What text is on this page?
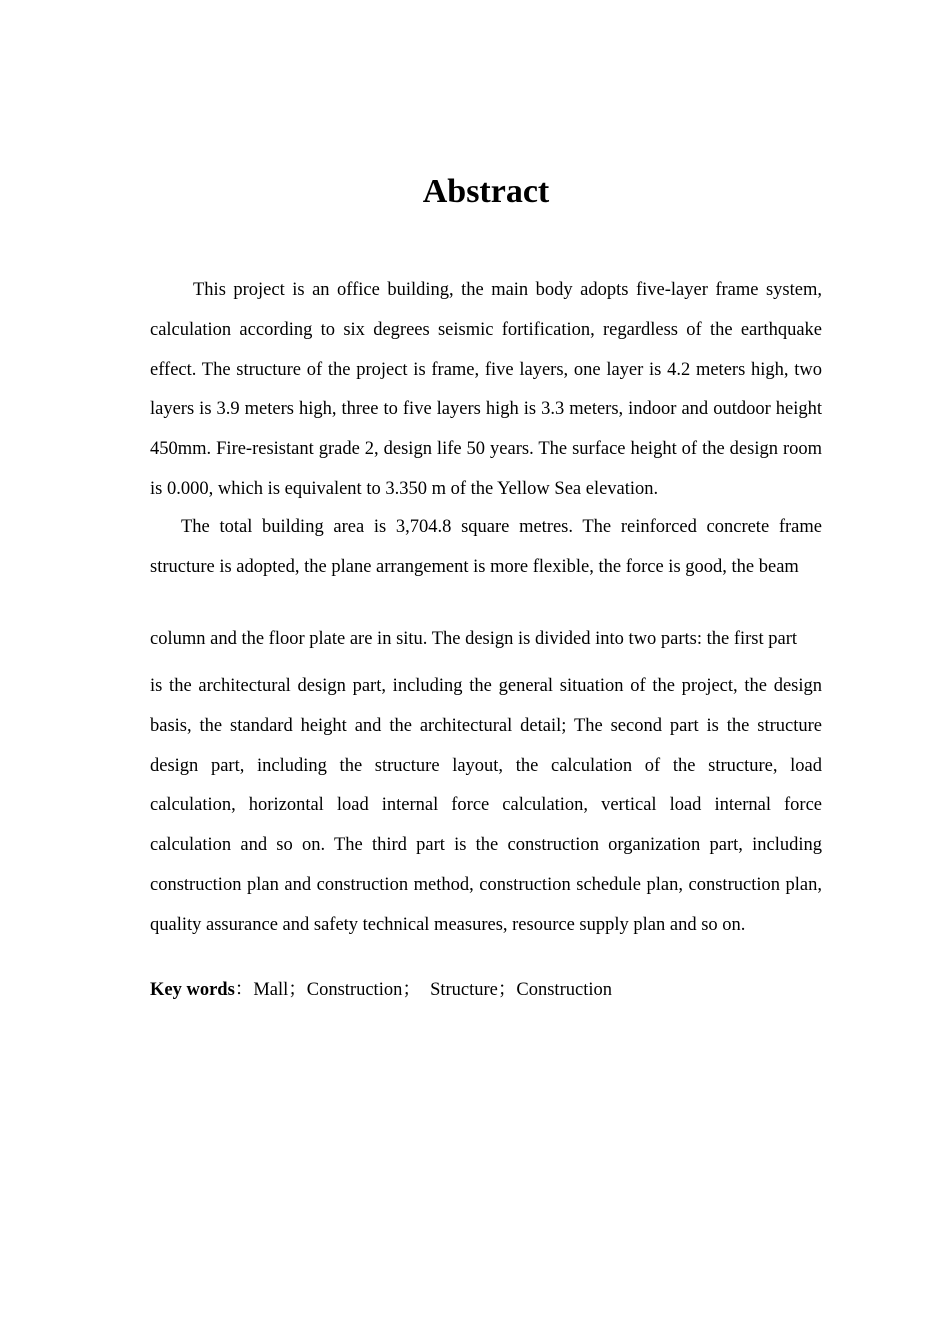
Abstract

This project is an office building, the main body adopts five-layer frame system, calculation according to six degrees seismic fortification, regardless of the earthquake effect. The structure of the project is frame, five layers, one layer is 4.2 meters high, two layers is 3.9 meters high, three to five layers high is 3.3 meters, indoor and outdoor height 450mm. Fire-resistant grade 2, design life 50 years. The surface height of the design room is 0.000, which is equivalent to 3.350 m of the Yellow Sea elevation.

The total building area is 3,704.8 square metres. The reinforced concrete frame structure is adopted, the plane arrangement is more flexible, the force is good, the beam

column and the floor plate are in situ. The design is divided into two parts: the first part

is the architectural design part, including the general situation of the project, the design basis, the standard height and the architectural detail; The second part is the structure design part, including the structure layout, the calculation of the structure, load calculation, horizontal load internal force calculation, vertical load internal force calculation and so on. The third part is the construction organization part, including construction plan and construction method, construction schedule plan, construction plan, quality assurance and safety technical measures, resource supply plan and so on.

Key words：Mall；Construction；  Structure；Construction
